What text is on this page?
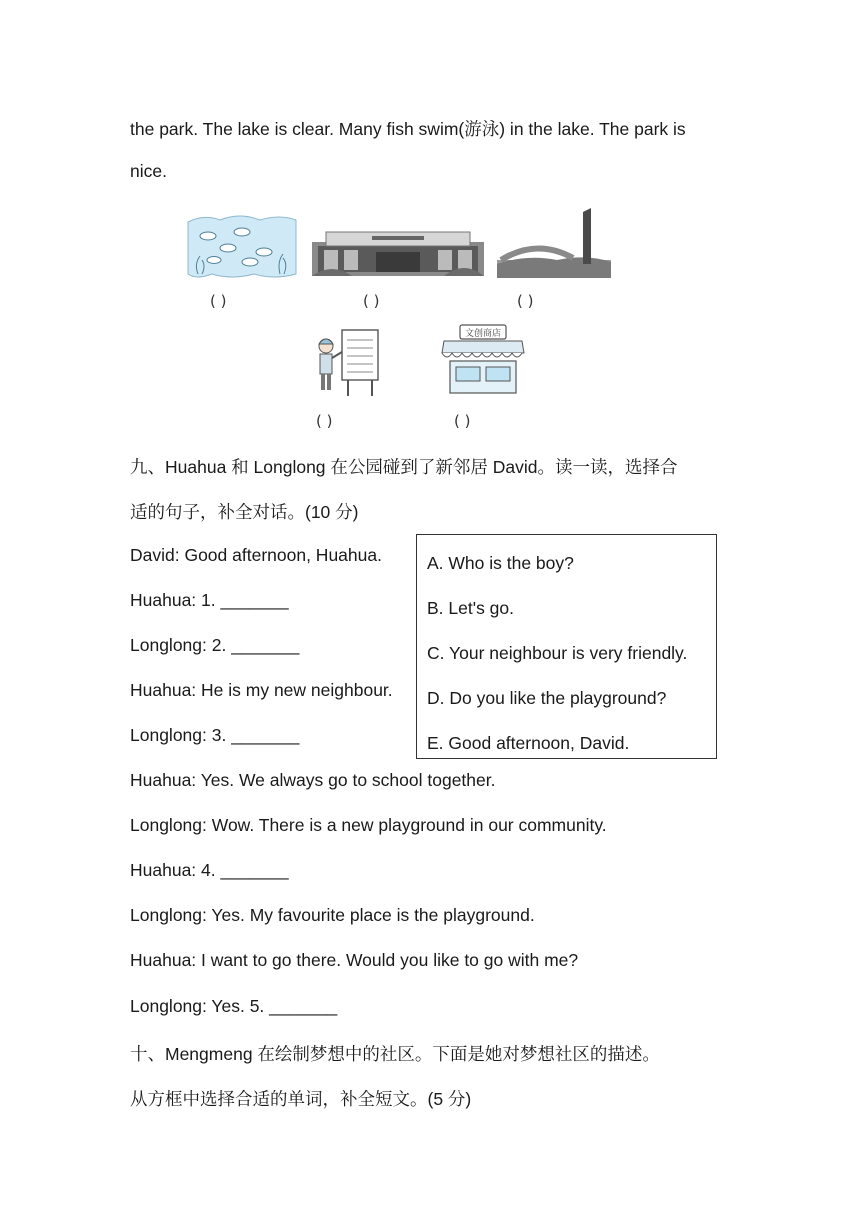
the park. The lake is clear. Many fish swim(游泳) in the lake. The park is
nice.
( )	( )	( )
( )
文创商店
( )
九、Huahua 和 Longlong 在公园碰到了新邻居 David。读一读，选择合
适的句子，补全对话。(10 分)
David: Good afternoon, Huahua.
Huahua: 1. _______
Longlong: 2. _______
Huahua: He is my new neighbour.
Longlong: 3. _______
Huahua: Yes. We always go to school together.
Longlong: Wow. There is a new playground in our community.
Huahua: 4. _______
Longlong: Yes. My favourite place is the playground.
Huahua: I want to go there. Would you like to go with me?
Longlong: Yes. 5. _______
A. Who is the boy?
B. Let's go.
C. Your neighbour is very friendly.
D. Do you like the playground?
E. Good afternoon, David.
十、Mengmeng 在绘制梦想中的社区。下面是她对梦想社区的描述。
从方框中选择合适的单词，补全短文。(5 分)
